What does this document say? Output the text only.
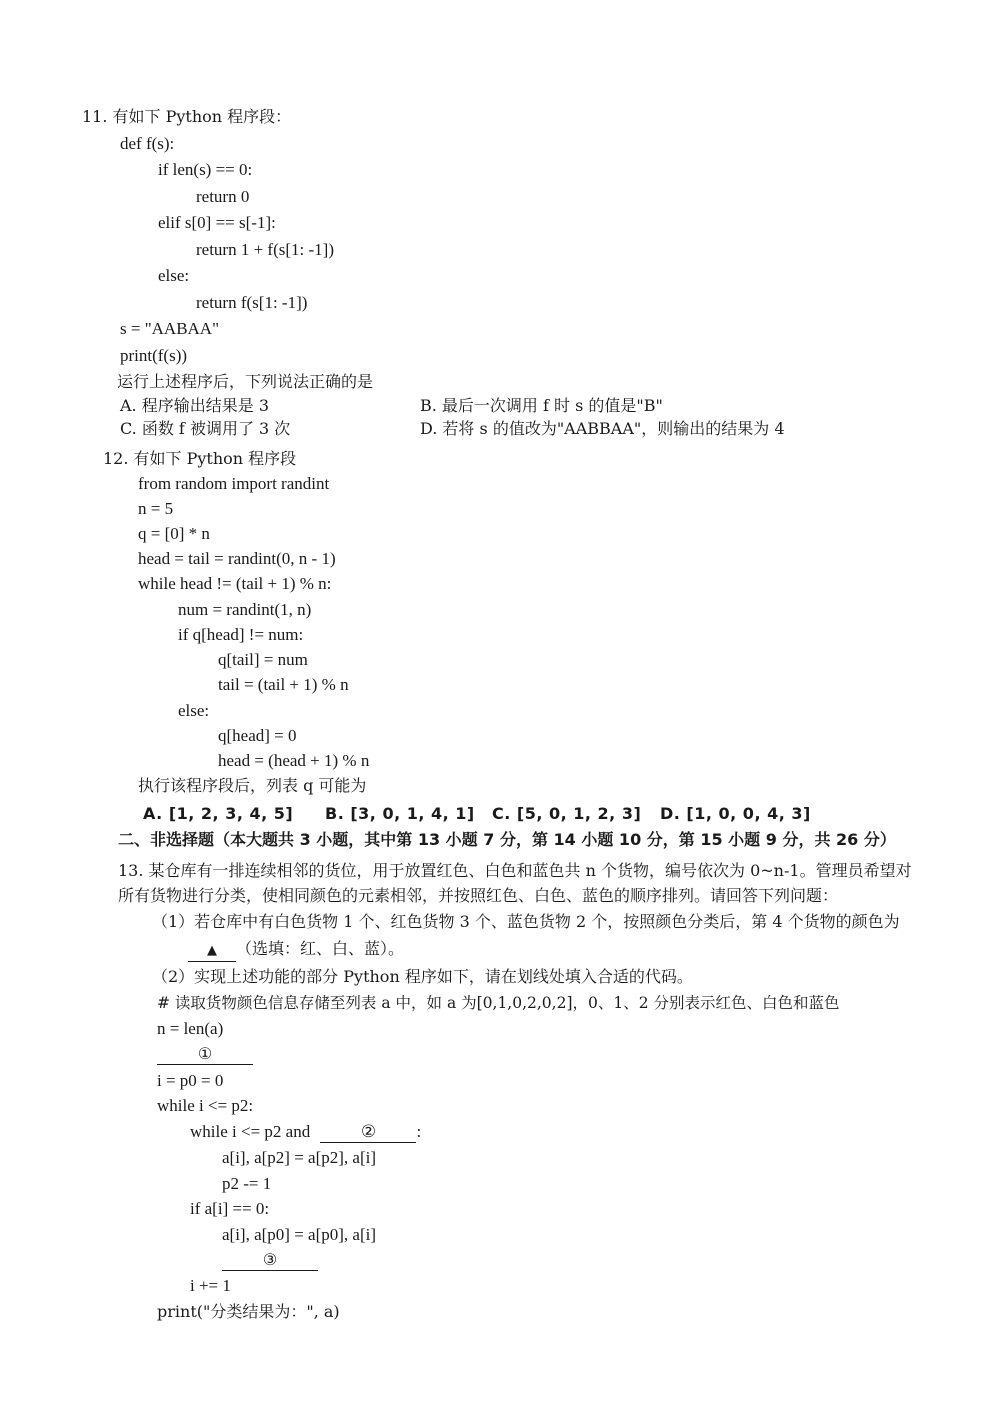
11. 有如下 Python 程序段：
def f(s):
if len(s) == 0:
return 0
elif s[0] == s[-1]:
return 1 + f(s[1: -1])
else:
return f(s[1: -1])
s = "AABAA"
print(f(s))
运行上述程序后，下列说法正确的是
A. 程序输出结果是 3	B. 最后一次调用 f 时 s 的值是"B"
C. 函数 f 被调用了 3 次	D. 若将 s 的值改为"AABBAA"，则输出的结果为 4
12. 有如下 Python 程序段
from random import randint
n = 5
q = [0] * n
head = tail = randint(0, n - 1)
while head != (tail + 1) % n:
num = randint(1, n)
if q[head] != num:
q[tail] = num
tail = (tail + 1) % n
else:
q[head] = 0
head = (head + 1) % n
执行该程序段后，列表 q 可能为
A. [1, 2, 3, 4, 5] B. [3, 0, 1, 4, 1] C. [5, 0, 1, 2, 3] D. [1, 0, 0, 4, 3]
二、非选择题（本大题共 3 小题，其中第 13 小题 7 分，第 14 小题 10 分，第 15 小题 9 分，共 26 分）
13. 某仓库有一排连续相邻的货位，用于放置红色、白色和蓝色共 n 个货物，编号依次为 0~n-1。管理员希望对
所有货物进行分类，使相同颜色的元素相邻，并按照红色、白色、蓝色的顺序排列。请回答下列问题：
（1）若仓库中有白色货物 1 个、红色货物 3 个、蓝色货物 2 个，按照颜色分类后，第 4 个货物的颜色为
▲ （选填：红、白、蓝）。
（2）实现上述功能的部分 Python 程序如下，请在划线处填入合适的代码。
# 读取货物颜色信息存储至列表 a 中，如 a 为[0,1,0,2,0,2]，0、1、2 分别表示红色、白色和蓝色
n = len(a)
①
i = p0 = 0
while i <= p2:
while i <= p2 and	② :
a[i], a[p2] = a[p2], a[i]
p2 -= 1
if a[i] == 0:
a[i], a[p0] = a[p0], a[i]
③
i += 1
print("分类结果为：", a)
